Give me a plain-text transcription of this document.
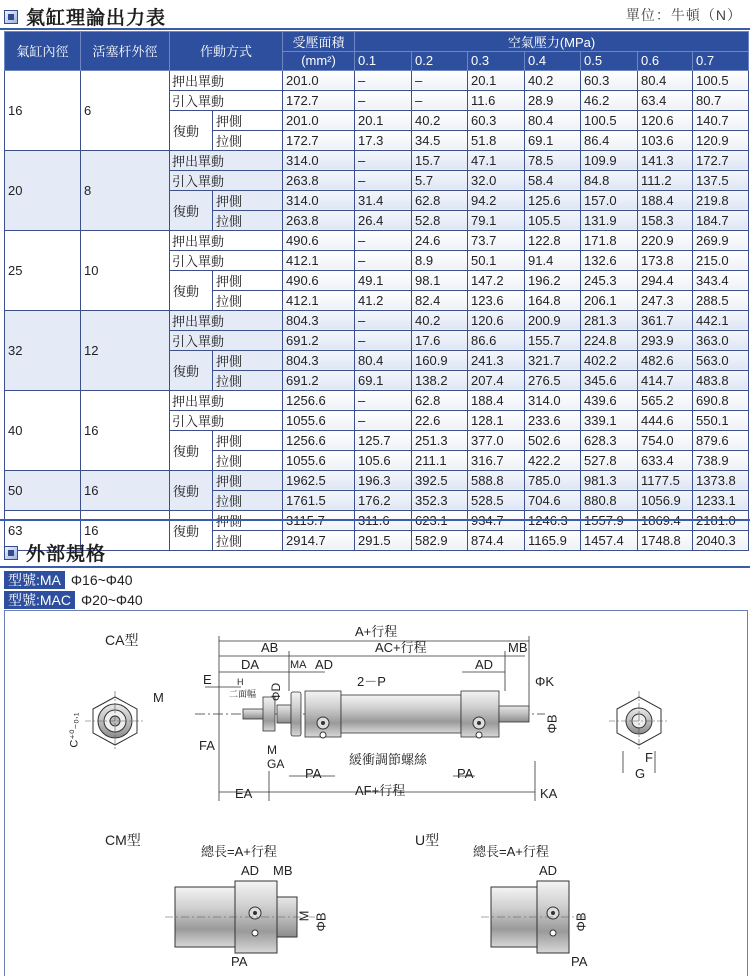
氣缸理論出力表	單位：牛頓（N）
氣缸內徑	活塞杆外徑	作動方式		受壓面積	空氣壓力(MPa)						
				(mm²)	0.1	0.2	0.3	0.4	0.5	0.6	0.7
16	6	押出單動		201.0	–	–	20.1	40.2	60.3	80.4	100.5
		引入單動		172.7	–	–	11.6	28.9	46.2	63.4	80.7
		復動	押側	201.0	20.1	40.2	60.3	80.4	100.5	120.6	140.7
			拉側	172.7	17.3	34.5	51.8	69.1	86.4	103.6	120.9
20	8	押出單動		314.0	–	15.7	47.1	78.5	109.9	141.3	172.7
		引入單動		263.8	–	5.7	32.0	58.4	84.8	111.2	137.5
		復動	押側	314.0	31.4	62.8	94.2	125.6	157.0	188.4	219.8
			拉側	263.8	26.4	52.8	79.1	105.5	131.9	158.3	184.7
25	10	押出單動		490.6	–	24.6	73.7	122.8	171.8	220.9	269.9
		引入單動		412.1	–	8.9	50.1	91.4	132.6	173.8	215.0
		復動	押側	490.6	49.1	98.1	147.2	196.2	245.3	294.4	343.4
			拉側	412.1	41.2	82.4	123.6	164.8	206.1	247.3	288.5
32	12	押出單動		804.3	–	40.2	120.6	200.9	281.3	361.7	442.1
		引入單動		691.2	–	17.6	86.6	155.7	224.8	293.9	363.0
		復動	押側	804.3	80.4	160.9	241.3	321.7	402.2	482.6	563.0
			拉側	691.2	69.1	138.2	207.4	276.5	345.6	414.7	483.8
40	16	押出單動		1256.6	–	62.8	188.4	314.0	439.6	565.2	690.8
		引入單動		1055.6	–	22.6	128.1	233.6	339.1	444.6	550.1
		復動	押側	1256.6	125.7	251.3	377.0	502.6	628.3	754.0	879.6
			拉側	1055.6	105.6	211.1	316.7	422.2	527.8	633.4	738.9
50	16	復動	押側	1962.5	196.3	392.5	588.8	785.0	981.3	1177.5	1373.8
			拉側	1761.5	176.2	352.3	528.5	704.6	880.8	1056.9	1233.1
63	16	復動	押側	3115.7	311.6	623.1	934.7	1246.3	1557.9	1869.4	2181.0
			拉側	2914.7	291.5	582.9	874.4	1165.9	1457.4	1748.8	2040.3
外部規格
型號:MA Φ16~Φ40
型號:MAC Φ20~Φ40
CA型
CM型	U型
A+行程
AB	AC+行程	MB
DA	MA AD	AD
E	H
二面幅 ΦD
2－P	ΦK
ΦB
M
C⁺⁰₋₀.₁	FA	M
GA
PA
緩衝調節螺絲
PA
EA	AF+行程	KA
F
G
總長=A+行程
AD MB
M ΦB
PA
總長=A+行程
AD
ΦB
PA
